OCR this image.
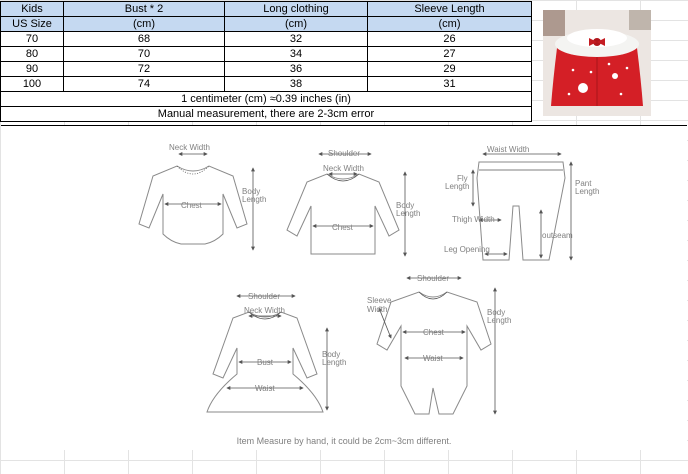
Kids	Bust * 2	Long clothing	Sleeve Length
US Size	(cm)	(cm)	(cm)
70	68	32	26
80	70	34	27
90	72	36	29
100	74	38	31
1 centimeter (cm) ≈0.39 inches (in)			
Manual measurement, there are 2-3cm error			
Neck Width
Chest
Body
Length
Shoulder
Neck Width
Chest
Body
Length
Waist Width
Fly
Length	Pant
Length
Thigh Width
outseam
Leg Opening
Shoulder
Neck Width
Bust
Waist
Body
Length
Shoulder
Sleeve
Width
Chest
Waist
Body
Length
Item Measure by hand, it could be 2cm~3cm different.
